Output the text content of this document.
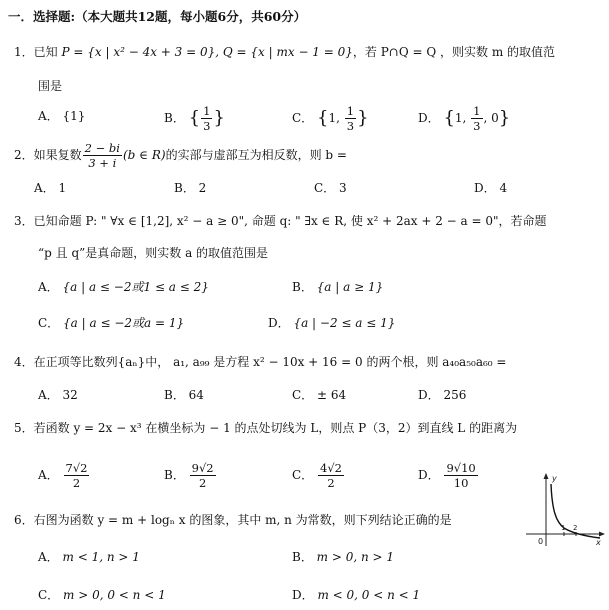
一．选择题:（本大题共12题，每小题6分，共60分）
1．已知 P = {x | x² − 4x + 3 = 0}, Q = {x | mx − 1 = 0}，若 P∩Q = Q ，则实数 m 的取值范
围是
A． {1}	B． { $\frac{1}{3}$ }	C． {1, $\frac{1}{3}$ }	D． {1, $\frac{1}{3}$ , 0}
2．如果复数 $\frac{2 - bi}{3 + i} (b$ ∈ R)的实部与虚部互为相反数，则 b =
A． 1	B． 2	C． 3	D． 4
3．已知命题 P: " ∀x ∈ [1,2], x² − a ≥ 0", 命题 q: " ∃x ∈ R, 使 x² + 2ax + 2 − a = 0"，若命题
“p 且 q”是真命题，则实数 a 的取值范围是
A． {a | a ≤ −2或1 ≤ a ≤ 2}	B． {a | a ≥ 1}
C． {a | a ≤ −2或a = 1}	D． {a | −2 ≤ a ≤ 1}
4．在正项等比数列{aₙ}中， a₁, a₉₉ 是方程 x² − 10x + 16 = 0 的两个根，则 a₄₀a₅₀a₆₀ =
A． 32	B． 64	C． ± 64	D． 256
5．若函数 y = 2x − x³ 在横坐标为 − 1 的点处切线为 L，则点 P（3，2）到直线 L 的距离为
A． $\frac{7√2}{2}$	B． $\frac{9√2}{2}$	C． $\frac{4√2}{2}$	D． $\frac{9√10}{10}$
6．右图为函数 y = m + logₙ x 的图象，其中 m, n 为常数，则下列结论正确的是
A． m < 1, n > 1	B． m > 0, n > 1
C． m > 0, 0 < n < 1	D． m < 0, 0 < n < 1
y
x
0
1 2
